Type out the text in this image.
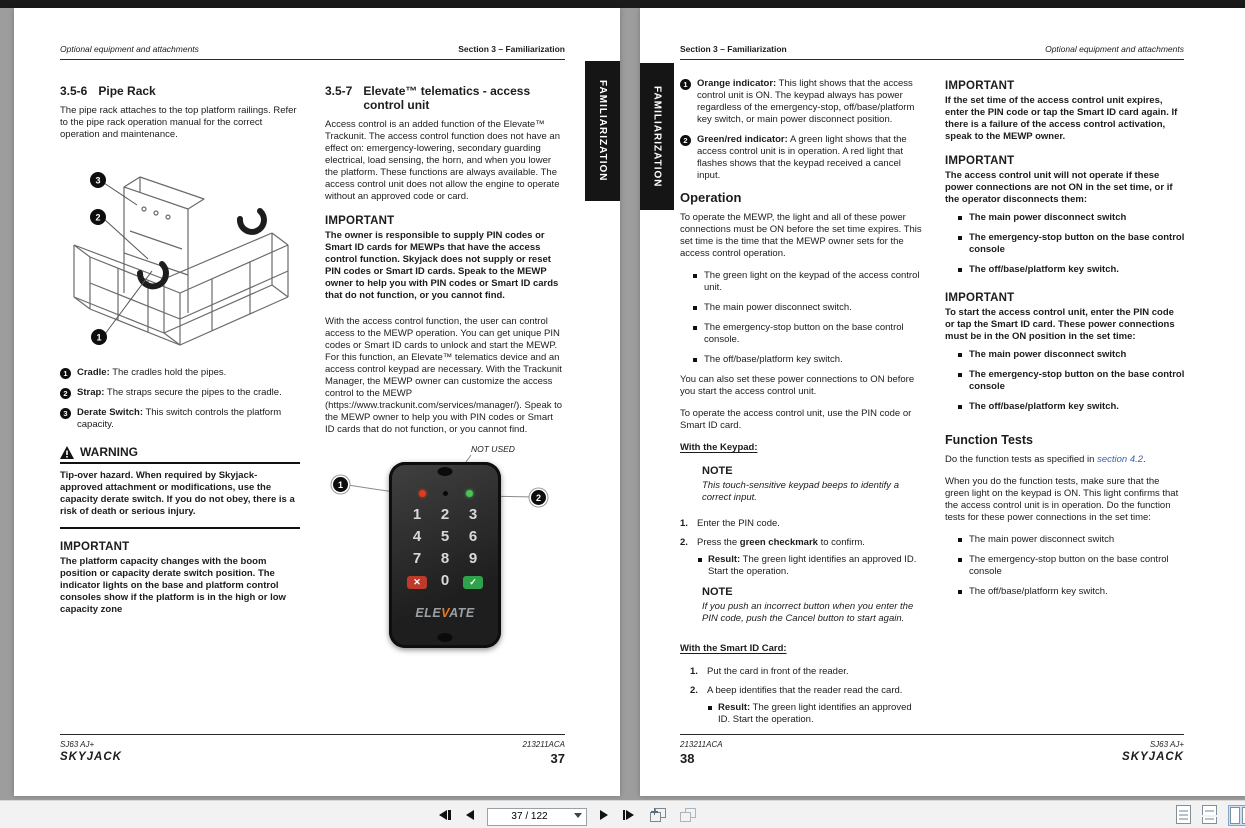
Optional equipment and attachments	Section 3 – Familiarization
3.5-6 Pipe Rack

The pipe rack attaches to the top platform railings. Refer to the pipe rack operation manual for the correct operation and maintenance.

3
2
1
1 Cradle: The cradles hold the pipes.
2 Strap: The straps secure the pipes to the cradle.
3 Derate Switch: This switch controls the platform capacity.
WARNING

Tip-over hazard. When required by Skyjack-approved attachment or modifications, use the capacity derate switch. If you do not obey, there is a risk of death or serious injury.

IMPORTANT

The platform capacity changes with the boom position or capacity derate switch position. The indicator lights on the base and platform control consoles show if the platform is in the high or low capacity zone

3.5-7 Elevate™ telematics - access control unit

Access control is an added function of the Elevate™ Trackunit. The access control function does not have an effect on: emergency-lowering, secondary guarding electrical, load sensing, the horn, and when you lower the platform. These functions are always available. The access control unit does not allow the engine to operate without an approved code or card.

IMPORTANT

The owner is responsible to supply PIN codes or Smart ID cards for MEWPs that have the access control function. Skyjack does not supply or reset PIN codes or Smart ID cards. Speak to the MEWP owner to help you with PIN codes or Smart ID cards that do not function, or you cannot find.

With the access control function, the user can control access to the MEWP operation. You can get unique PIN codes or Smart ID cards to unlock and start the MEWP. For this function, an Elevate™ telematics device and an access control keypad are necessary. With the Trackunit Manager, the MEWP owner can customize the access control to the MEWP (https://www.trackunit.com/services/manager/). Speak to the MEWP owner to help you with PIN codes or Smart ID cards that do not function, or you cannot find.

NOT USED
1
2
1 2 3
4 5 6
7 8 9
✕	0	✓
ELEVATE
SJ63 AJ+
SKYJACK
213211ACA
37
Section 3 – Familiarization	Optional equipment and attachments
1 Orange indicator: This light shows that the access control unit is ON. The keypad always has power regardless of the emergency-stop, off/base/platform key switch, or main power disconnect position.
2 Green/red indicator: A green light shows that the access control unit is in operation. A red light that flashes shows that the keypad received a cancel input.
Operation

To operate the MEWP, the light and all of these power connections must be ON before the set time expires. This set time is the time that the MEWP owner sets for the access control operation.

The green light on the keypad of the access control unit.
The main power disconnect switch.
The emergency-stop button on the base control console.
The off/base/platform key switch.

You can also set these power connections to ON before you start the access control unit.

To operate the access control unit, use the PIN code or Smart ID card.

With the Keypad:
NOTE
This touch-sensitive keypad beeps to identify a correct input.
1. Enter the PIN code.
2. Press the green checkmark to confirm.
Result: The green light identifies an approved ID. Start the operation.
NOTE
If you push an incorrect button when you enter the PIN code, push the Cancel button to start again.
With the Smart ID Card:
1. Put the card in front of the reader.
2. A beep identifies that the reader read the card.
Result: The green light identifies an approved ID. Start the operation.
IMPORTANT

If the set time of the access control unit expires, enter the PIN code or tap the Smart ID card again. If there is a failure of the access control activation, speak to the MEWP owner.

IMPORTANT

The access control unit will not operate if these power connections are not ON in the set time, or if the operator disconnects them:

The main power disconnect switch
The emergency-stop button on the base control console
The off/base/platform key switch.
IMPORTANT

To start the access control unit, enter the PIN code or tap the Smart ID card. These power connections must be in the ON position in the set time:

The main power disconnect switch
The emergency-stop button on the base control console
The off/base/platform key switch.
Function Tests

Do the function tests as specified in section 4.2.

When you do the function tests, make sure that the green light on the keypad is ON. This light confirms that the access control unit is in operation. Do the function tests for these power connections in the set time:

The main power disconnect switch
The emergency-stop button on the base control console
The off/base/platform key switch.
213211ACA
38
SJ63 AJ+
SKYJACK
FAMILIARIZATION	FAMILIARIZATION
37 / 122
